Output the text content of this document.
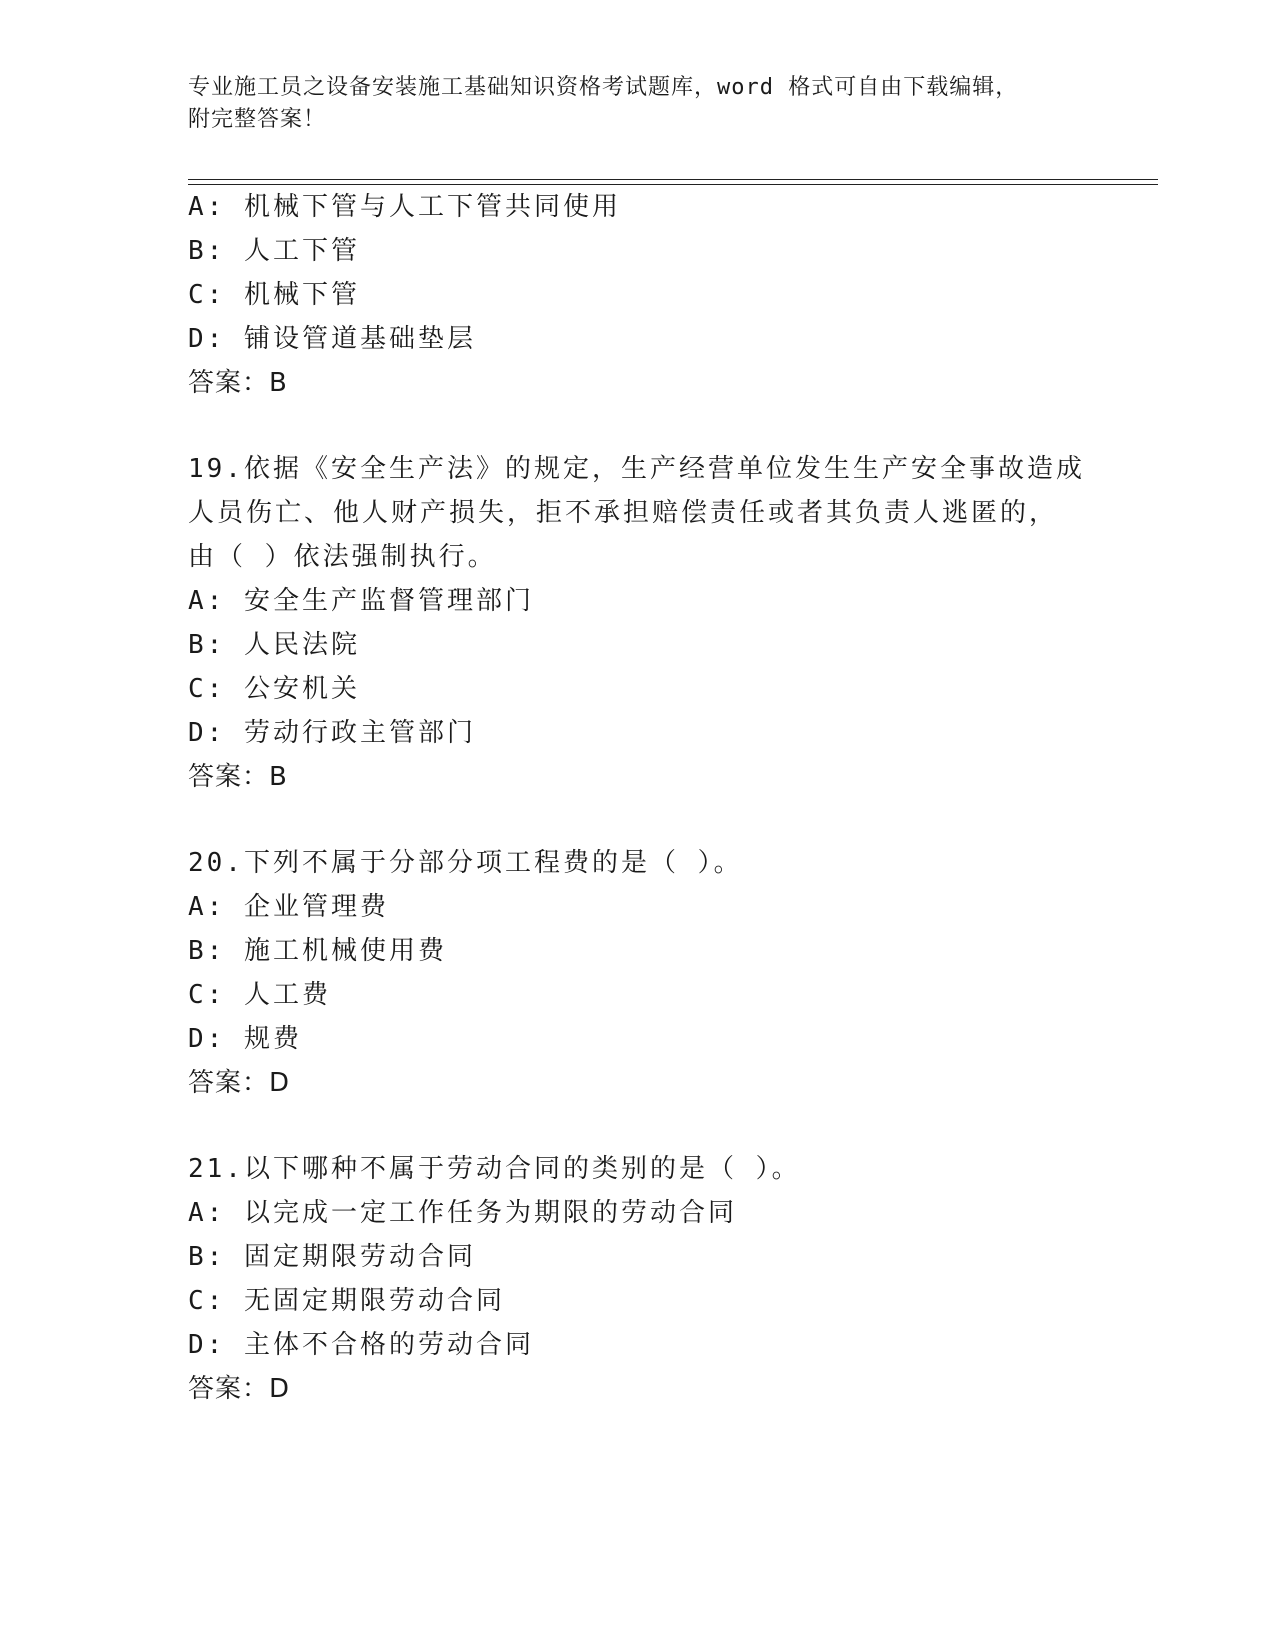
专业施工员之设备安装施工基础知识资格考试题库，word 格式可自由下载编辑，
附完整答案！
A: 机械下管与人工下管共同使用
B: 人工下管
C: 机械下管
D: 铺设管道基础垫层
答案：B
19.依据《安全生产法》的规定，生产经营单位发生生产安全事故造成
人员伤亡、他人财产损失，拒不承担赔偿责任或者其负责人逃匿的，
由（ ）依法强制执行。
A: 安全生产监督管理部门
B: 人民法院
C: 公安机关
D: 劳动行政主管部门
答案：B
20.下列不属于分部分项工程费的是（ ）。
A: 企业管理费
B: 施工机械使用费
C: 人工费
D: 规费
答案：D
21.以下哪种不属于劳动合同的类别的是（ ）。
A: 以完成一定工作任务为期限的劳动合同
B: 固定期限劳动合同
C: 无固定期限劳动合同
D: 主体不合格的劳动合同
答案：D
